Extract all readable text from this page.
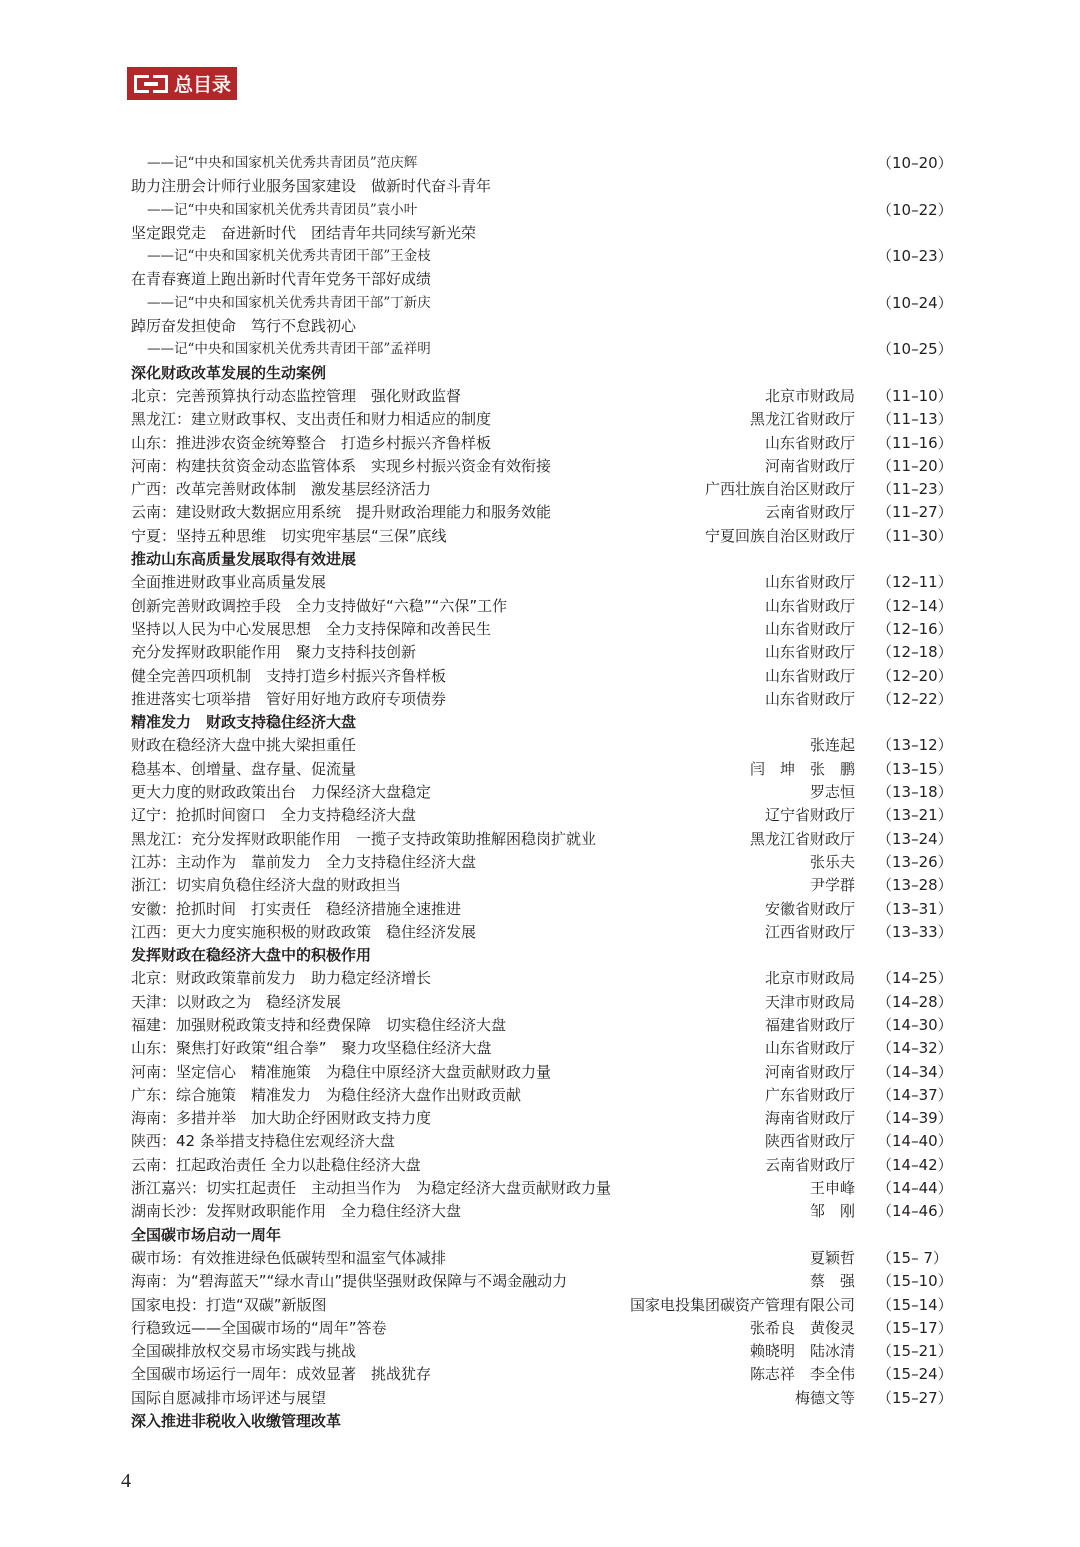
总目录
——记“中央和国家机关优秀共青团员”范庆辉	（10–20）
助力注册会计师行业服务国家建设　做新时代奋斗青年
——记“中央和国家机关优秀共青团员”袁小叶	（10–22）
坚定跟党走　奋进新时代　团结青年共同续写新光荣
——记“中央和国家机关优秀共青团干部”王金枝	（10–23）
在青春赛道上跑出新时代青年党务干部好成绩
——记“中央和国家机关优秀共青团干部”丁新庆	（10–24）
踔厉奋发担使命　笃行不怠践初心
——记“中央和国家机关优秀共青团干部”孟祥明	（10–25）
深化财政改革发展的生动案例
北京：完善预算执行动态监控管理　强化财政监督	北京市财政局 （11–10）
黑龙江：建立财政事权、支出责任和财力相适应的制度	黑龙江省财政厅 （11–13）
山东：推进涉农资金统筹整合　打造乡村振兴齐鲁样板	山东省财政厅 （11–16）
河南：构建扶贫资金动态监管体系　实现乡村振兴资金有效衔接	河南省财政厅 （11–20）
广西：改革完善财政体制　激发基层经济活力	广西壮族自治区财政厅 （11–23）
云南：建设财政大数据应用系统　提升财政治理能力和服务效能	云南省财政厅 （11–27）
宁夏：坚持五种思维　切实兜牢基层“三保”底线	宁夏回族自治区财政厅 （11–30）
推动山东高质量发展取得有效进展
全面推进财政事业高质量发展	山东省财政厅 （12–11）
创新完善财政调控手段　全力支持做好“六稳”“六保”工作	山东省财政厅 （12–14）
坚持以人民为中心发展思想　全力支持保障和改善民生	山东省财政厅 （12–16）
充分发挥财政职能作用　聚力支持科技创新	山东省财政厅 （12–18）
健全完善四项机制　支持打造乡村振兴齐鲁样板	山东省财政厅 （12–20）
推进落实七项举措　管好用好地方政府专项债券	山东省财政厅 （12–22）
精准发力　财政支持稳住经济大盘
财政在稳经济大盘中挑大梁担重任	张连起 （13–12）
稳基本、创增量、盘存量、促流量	闫　坤　张　鹏 （13–15）
更大力度的财政政策出台　力保经济大盘稳定	罗志恒 （13–18）
辽宁：抢抓时间窗口　全力支持稳经济大盘	辽宁省财政厅 （13–21）
黑龙江：充分发挥财政职能作用　一揽子支持政策助推解困稳岗扩就业	黑龙江省财政厅 （13–24）
江苏：主动作为　靠前发力　全力支持稳住经济大盘	张乐夫 （13–26）
浙江：切实肩负稳住经济大盘的财政担当	尹学群 （13–28）
安徽：抢抓时间　打实责任　稳经济措施全速推进	安徽省财政厅 （13–31）
江西：更大力度实施积极的财政政策　稳住经济发展	江西省财政厅 （13–33）
发挥财政在稳经济大盘中的积极作用
北京：财政政策靠前发力　助力稳定经济增长	北京市财政局 （14–25）
天津：以财政之为　稳经济发展	天津市财政局 （14–28）
福建：加强财税政策支持和经费保障　切实稳住经济大盘	福建省财政厅 （14–30）
山东：聚焦打好政策“组合拳”　聚力攻坚稳住经济大盘	山东省财政厅 （14–32）
河南：坚定信心　精准施策　为稳住中原经济大盘贡献财政力量	河南省财政厅 （14–34）
广东：综合施策　精准发力　为稳住经济大盘作出财政贡献	广东省财政厅 （14–37）
海南：多措并举　加大助企纾困财政支持力度	海南省财政厅 （14–39）
陕西：42 条举措支持稳住宏观经济大盘	陕西省财政厅 （14–40）
云南：扛起政治责任 全力以赴稳住经济大盘	云南省财政厅 （14–42）
浙江嘉兴：切实扛起责任　主动担当作为　为稳定经济大盘贡献财政力量	王申峰 （14–44）
湖南长沙：发挥财政职能作用　全力稳住经济大盘	邹　刚 （14–46）
全国碳市场启动一周年
碳市场：有效推进绿色低碳转型和温室气体减排	夏颖哲 （15– 7）
海南：为“碧海蓝天”“绿水青山”提供坚强财政保障与不竭金融动力	蔡　强 （15–10）
国家电投：打造“双碳”新版图	国家电投集团碳资产管理有限公司 （15–14）
行稳致远——全国碳市场的“周年”答卷	张希良　黄俊灵 （15–17）
全国碳排放权交易市场实践与挑战	赖晓明　陆冰清 （15–21）
全国碳市场运行一周年：成效显著　挑战犹存	陈志祥　李全伟 （15–24）
国际自愿减排市场评述与展望	梅德文等 （15–27）
深入推进非税收入收缴管理改革
4
